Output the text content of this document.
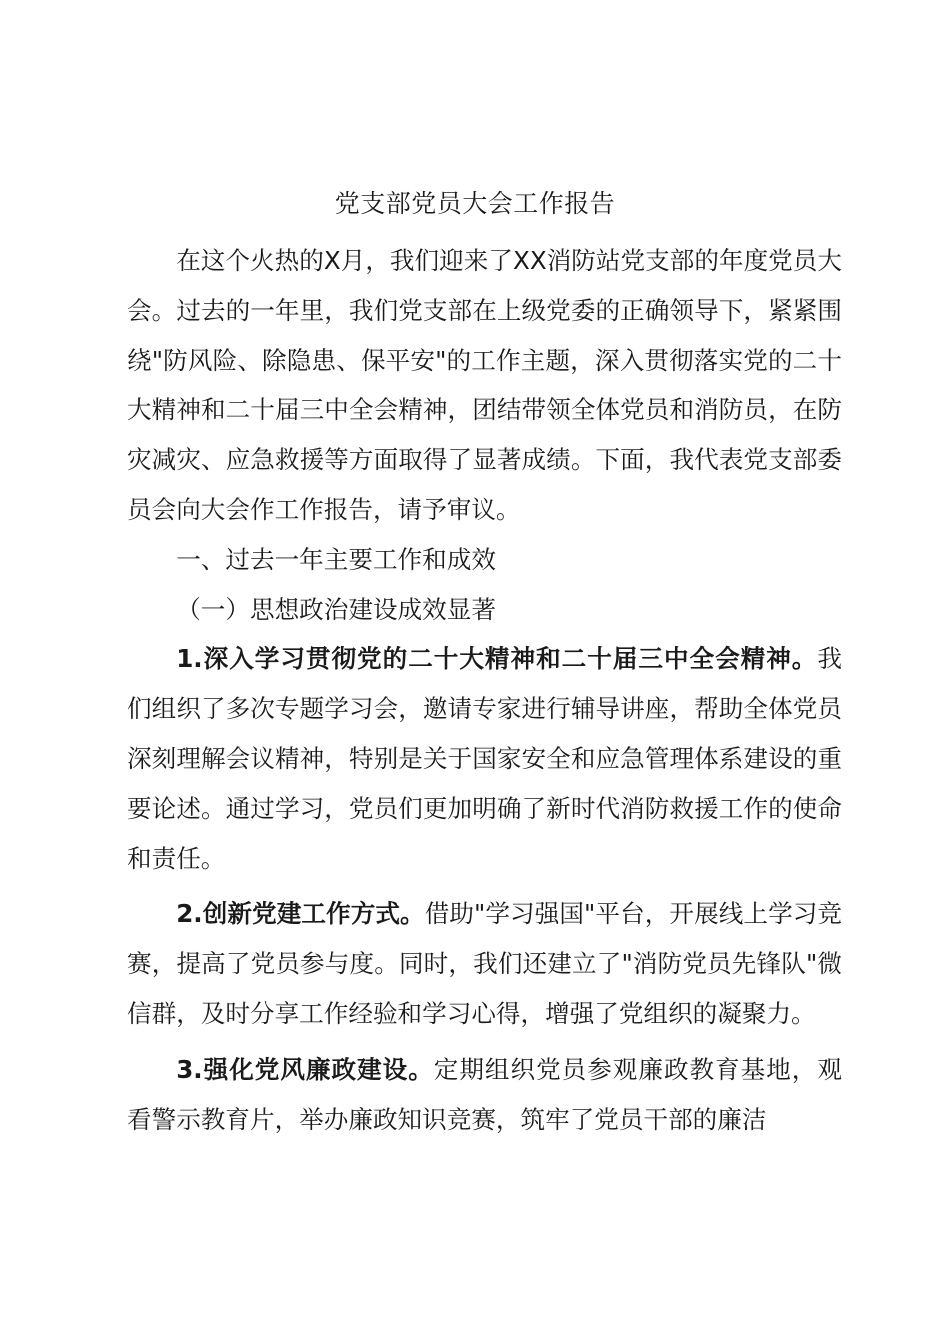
党支部党员大会工作报告

在这个火热的X月，我们迎来了XX消防站党支部的年度党员大会。过去的一年里，我们党支部在上级党委的正确领导下，紧紧围绕"防风险、除隐患、保平安"的工作主题，深入贯彻落实党的二十大精神和二十届三中全会精神，团结带领全体党员和消防员，在防灾减灾、应急救援等方面取得了显著成绩。下面，我代表党支部委员会向大会作工作报告，请予审议。

一、过去一年主要工作和成效

（一）思想政治建设成效显著

1.深入学习贯彻党的二十大精神和二十届三中全会精神。我们组织了多次专题学习会，邀请专家进行辅导讲座，帮助全体党员深刻理解会议精神，特别是关于国家安全和应急管理体系建设的重要论述。通过学习，党员们更加明确了新时代消防救援工作的使命和责任。

2.创新党建工作方式。借助"学习强国"平台，开展线上学习竞赛，提高了党员参与度。同时，我们还建立了"消防党员先锋队"微信群，及时分享工作经验和学习心得，增强了党组织的凝聚力。

3.强化党风廉政建设。定期组织党员参观廉政教育基地，观看警示教育片，举办廉政知识竞赛，筑牢了党员干部的廉洁
